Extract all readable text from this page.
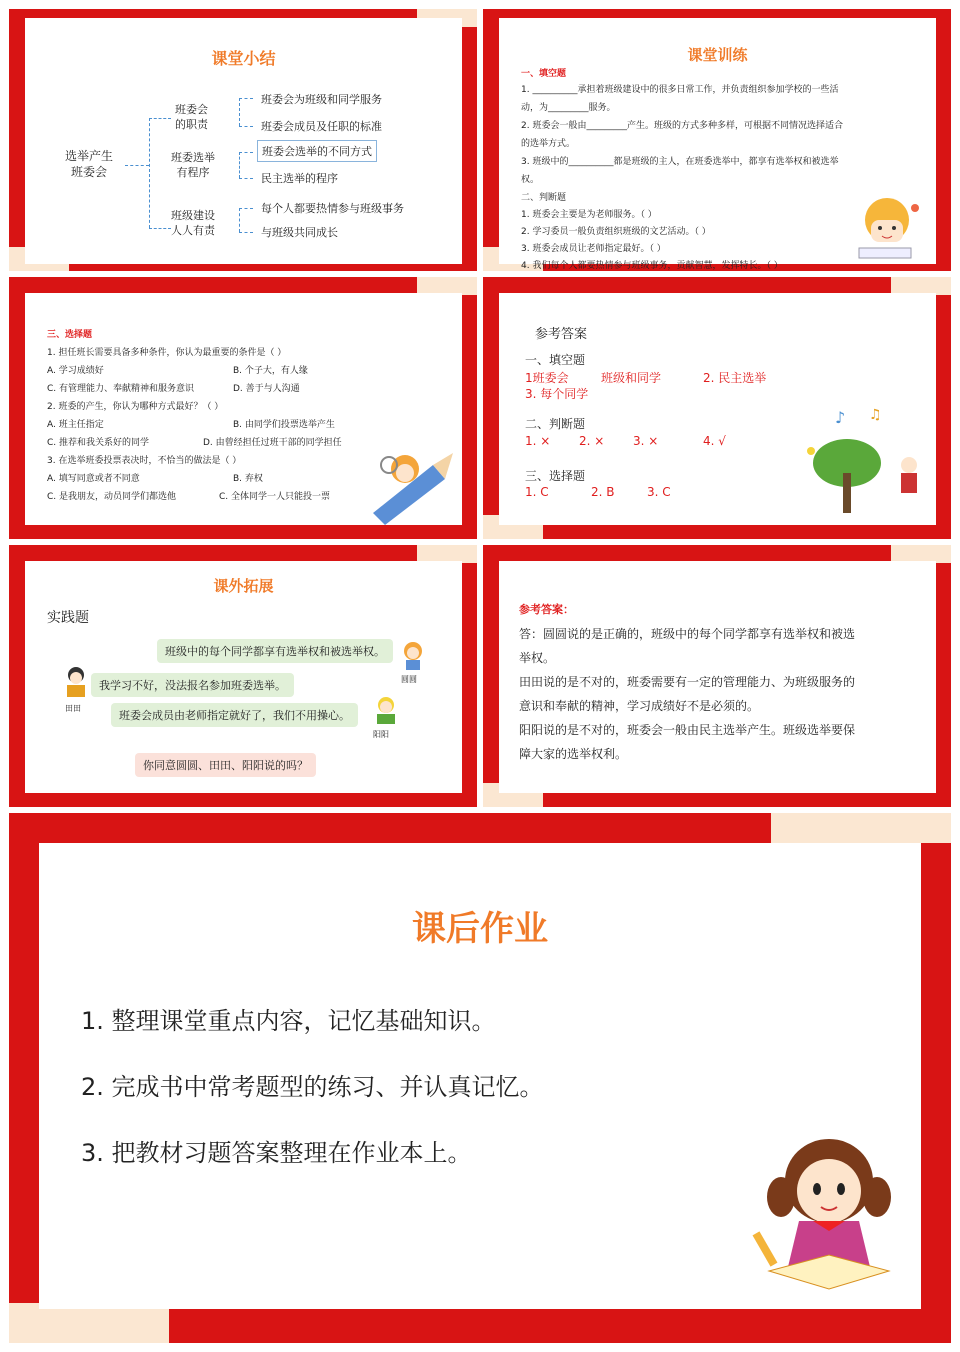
课堂小结
选举产生
班委会
班委会
的职责
班委选举
有程序
班级建设
人人有责
班委会为班级和同学服务
班委会成员及任职的标准
班委会选举的不同方式
民主选举的程序
每个人都要热情参与班级事务
与班级共同成长
课堂训练
一、填空题
1. __________承担着班级建设中的很多日常工作，并负责组织参加学校的一些活
动，为_________服务。
2. 班委会一般由_________产生。班级的方式多种多样，可根据不同情况选择适合
的选举方式。
3. 班级中的__________都是班级的主人，在班委选举中，都享有选举权和被选举
权。
二、判断题
1. 班委会主要是为老师服务。（ ）
2. 学习委员一般负责组织班级的文艺活动。（ ）
3. 班委会成员让老师指定最好。（ ）
4. 我们每个人都要热情参与班级事务，贡献智慧，发挥特长。（ ）
三、选择题
1. 担任班长需要具备多种条件，你认为最重要的条件是（ ）
A. 学习成绩好	B. 个子大，有人缘
C. 有管理能力、奉献精神和服务意识	D. 善于与人沟通
2. 班委的产生，你认为哪种方式最好？（ ）
A. 班主任指定	B. 由同学们投票选举产生
C. 推荐和我关系好的同学	D. 由曾经担任过班干部的同学担任
3. 在选举班委投票表决时，不恰当的做法是（ ）
A. 填写同意或者不同意	B. 弃权
C. 是我朋友，动员同学们都选他	C. 全体同学一人只能投一票
参考答案
一、填空题
1班委会	班级和同学	2. 民主选举
3. 每个同学
二、判断题
1. × 2. × 3. ×	4. √
三、选择题
1. C	2. B	3. C
♪ ♫
课外拓展
实践题
班级中的每个同学都享有选举权和被选举权。
我学习不好，没法报名参加班委选举。
班委会成员由老师指定就好了，我们不用操心。
你同意圆圆、田田、阳阳说的吗？
圆圆
田田
阳阳
参考答案：
答：圆圆说的是正确的，班级中的每个同学都享有选举权和被选
举权。
田田说的是不对的，班委需要有一定的管理能力、为班级服务的
意识和奉献的精神，学习成绩好不是必须的。
阳阳说的是不对的，班委会一般由民主选举产生。班级选举要保
障大家的选举权利。
课后作业
1. 整理课堂重点内容，记忆基础知识。
2. 完成书中常考题型的练习、并认真记忆。
3. 把教材习题答案整理在作业本上。
